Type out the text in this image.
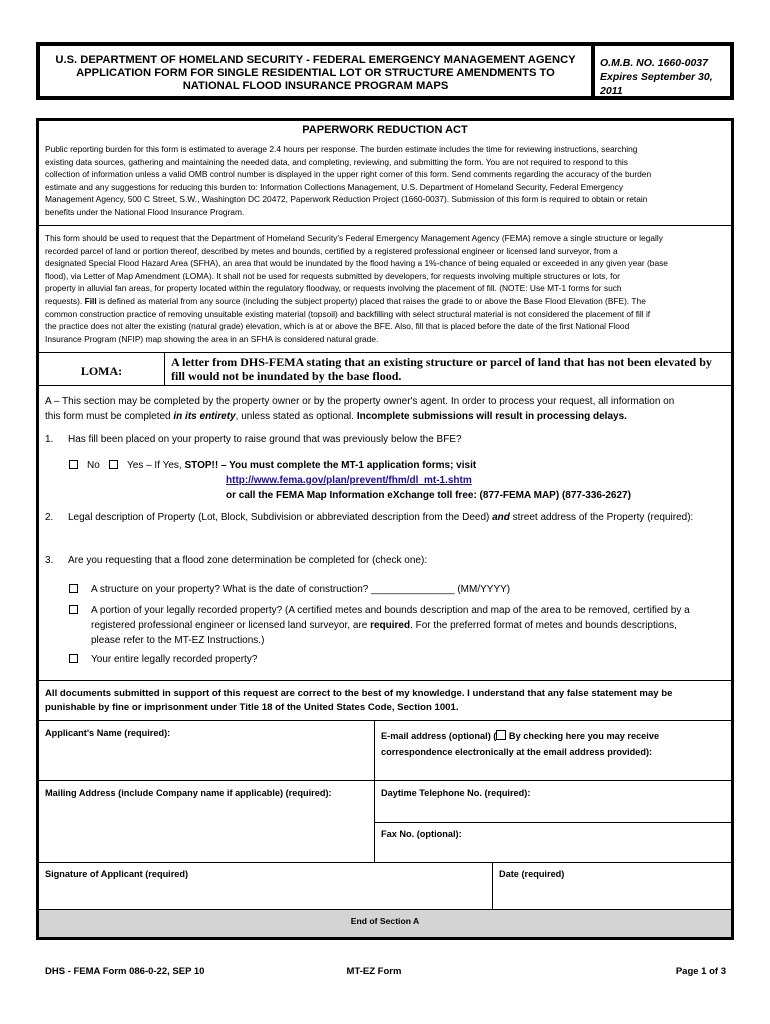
U.S. DEPARTMENT OF HOMELAND SECURITY - FEDERAL EMERGENCY MANAGEMENT AGENCY
APPLICATION FORM FOR SINGLE RESIDENTIAL LOT OR STRUCTURE AMENDMENTS TO
NATIONAL FLOOD INSURANCE PROGRAM MAPS
O.M.B. NO. 1660-0037
Expires September 30, 2011
PAPERWORK REDUCTION ACT
Public reporting burden for this form is estimated to average 2.4 hours per response. The burden estimate includes the time for reviewing instructions, searching
existing data sources, gathering and maintaining the needed data, and completing, reviewing, and submitting the form. You are not required to respond to this
collection of information unless a valid OMB control number is displayed in the upper right corner of this form. Send comments regarding the accuracy of the burden
estimate and any suggestions for reducing this burden to: Information Collections Management, U.S. Department of Homeland Security, Federal Emergency
Management Agency, 500 C Street, S.W., Washington DC 20472, Paperwork Reduction Project (1660-0037). Submission of this form is required to obtain or retain
benefits under the National Flood Insurance Program.
This form should be used to request that the Department of Homeland Security's Federal Emergency Management Agency (FEMA) remove a single structure or legally
recorded parcel of land or portion thereof, described by metes and bounds, certified by a registered professional engineer or licensed land surveyor, from a
designated Special Flood Hazard Area (SFHA), an area that would be inundated by the flood having a 1%-chance of being equaled or exceeded in any given year (base
flood), via Letter of Map Amendment (LOMA). It shall not be used for requests submitted by developers, for requests involving multiple structures or lots, for
property in alluvial fan areas, for property located within the regulatory floodway, or requests involving the placement of fill. (NOTE: Use MT-1 forms for such
requests). Fill is defined as material from any source (including the subject property) placed that raises the grade to or above the Base Flood Elevation (BFE). The
common construction practice of removing unsuitable existing material (topsoil) and backfilling with select structural material is not considered the placement of fill if
the practice does not alter the existing (natural grade) elevation, which is at or above the BFE. Also, fill that is placed before the date of the first National Flood
Insurance Program (NFIP) map showing the area in an SFHA is considered natural grade.
LOMA:
A letter from DHS-FEMA stating that an existing structure or parcel of land that has not been elevated by
fill would not be inundated by the base flood.
A – This section may be completed by the property owner or by the property owner's agent. In order to process your request, all information on
this form must be completed in its entirety, unless stated as optional. Incomplete submissions will result in processing delays.
1. Has fill been placed on your property to raise ground that was previously below the BFE?
No	Yes – If Yes, STOP!! – You must complete the MT-1 application forms; visit
http://www.fema.gov/plan/prevent/fhm/dl_mt-1.shtm
or call the FEMA Map Information eXchange toll free: (877-FEMA MAP) (877-336-2627)
2. Legal description of Property (Lot, Block, Subdivision or abbreviated description from the Deed) and street address of the Property (required):
3. Are you requesting that a flood zone determination be completed for (check one):
A structure on your property? What is the date of construction? _______________ (MM/YYYY)
A portion of your legally recorded property? (A certified metes and bounds description and map of the area to be removed, certified by a
registered professional engineer or licensed land surveyor, are required. For the preferred format of metes and bounds descriptions,
please refer to the MT-EZ Instructions.)
Your entire legally recorded property?
All documents submitted in support of this request are correct to the best of my knowledge. I understand that any false statement may be
punishable by fine or imprisonment under Title 18 of the United States Code, Section 1001.
Applicant's Name (required):	E-mail address (optional) ( By checking here you may receive
correspondence electronically at the email address provided):
Mailing Address (include Company name if applicable) (required):	Daytime Telephone No. (required):
Fax No. (optional):
Signature of Applicant (required)	Date (required)
End of Section A
DHS - FEMA Form 086-0-22, SEP 10	MT-EZ Form	Page 1 of 3
